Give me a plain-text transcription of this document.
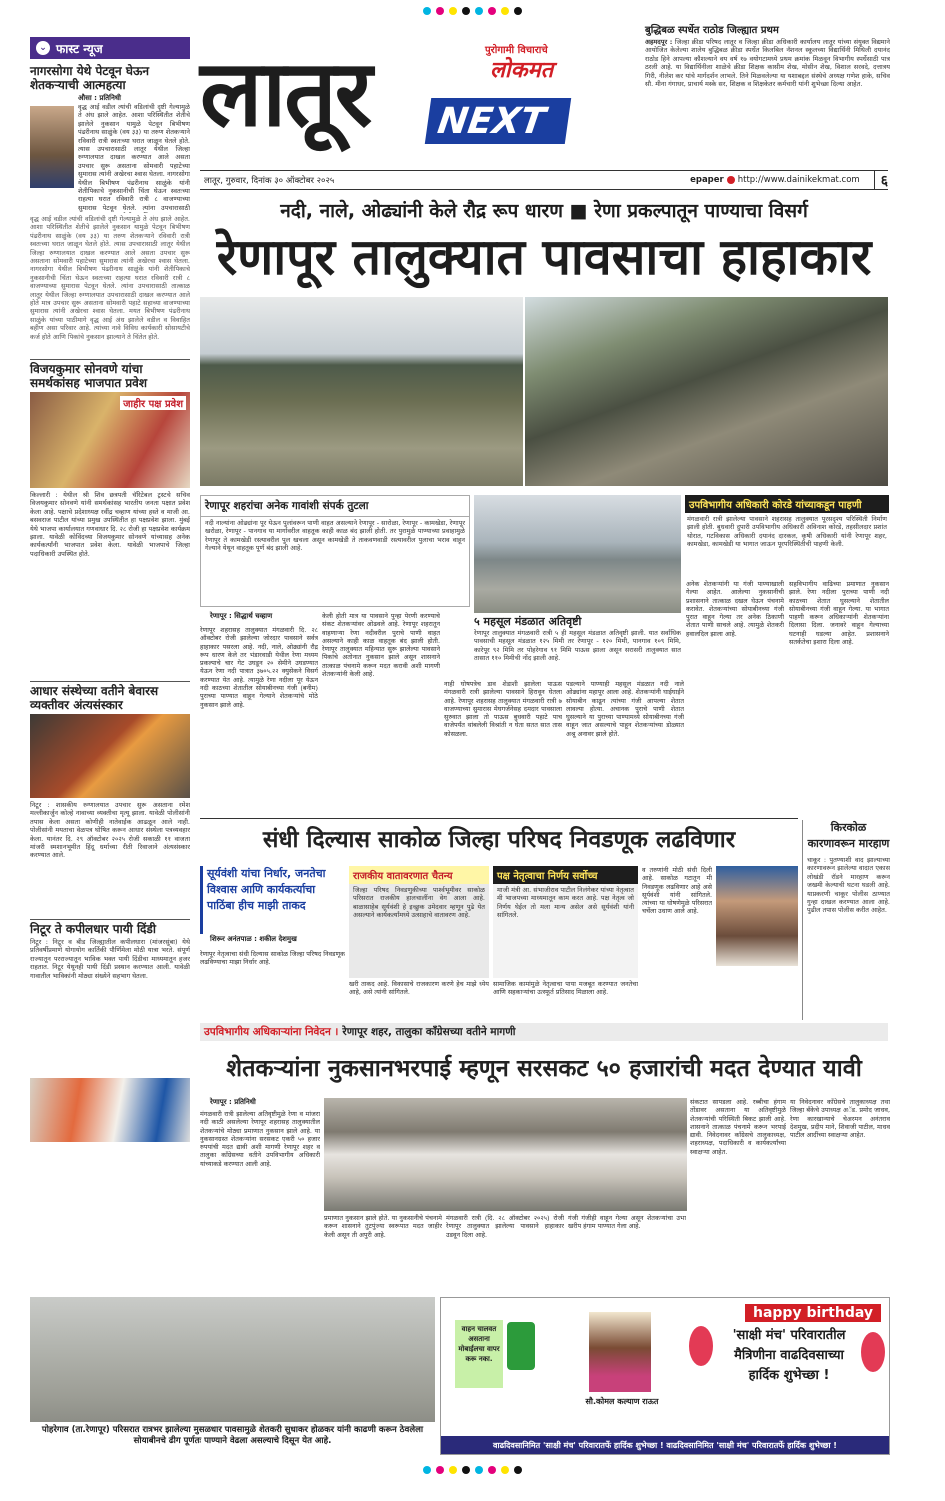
⌄ फास्ट न्यूज
नागरसोगा येथे पेटवून घेऊन शेतकऱ्याची आत्महत्या
औसा : प्रतिनिधी
वृद्ध आई वडील त्यांची वडिलांची दृष्टी गेल्यामुळे ते अंध झाले आहेत. आशा परिस्थितीत शेतीचे झालेले नुकसान यामुळे पेटवून बिभीषण पंढरीनाथ साळुंके (वय ३३) या तरुण शेतकऱ्याने रविवारी रात्री स्वतःच्या घरात जाळून घेतले होते. त्यास उपचारासाठी लातूर येथील जिल्हा रुग्णालयात दाखल करण्यात आले असता उपचार सुरू असताना सोमवारी पहाटेच्या सुमारास त्यांनी अखेरचा श्वास घेतला. नागरसोगा येथील बिभीषण पंढरीनाथ साळुंके यांनी शेतीपिकाचे नुकसानीची चिंता घेऊन स्वतःच्या राहत्या घरात रविवारी रात्री ८ वाजण्याच्या सुमारास पेटवून घेतले. त्यांना उपचारासाठी
वृद्ध आई वडील त्यांची वडिलांची दृष्टी गेल्यामुळे ते अंध झाले आहेत. आशा परिस्थितीत शेतीचे झालेले नुकसान यामुळे पेटवून बिभीषण पंढरीनाथ साळुंके (वय ३३) या तरुण शेतकऱ्याने रविवारी रात्री स्वतःच्या घरात जाळून घेतले होते. त्यास उपचारासाठी लातूर येथील जिल्हा रुग्णालयात दाखल करण्यात आले असता उपचार सुरू असताना सोमवारी पहाटेच्या सुमारास त्यांनी अखेरचा श्वास घेतला. नागरसोगा येथील बिभीषण पंढरीनाथ साळुंके यांनी शेतीपिकाचे नुकसानीची चिंता घेऊन स्वतःच्या राहत्या घरात रविवारी रात्री ८ वाजण्याच्या सुमारास पेटवून घेतले. त्यांना उपचारासाठी तात्काळ लातूर येथील जिल्हा रुग्णालयात उपचारासाठी दाखल करण्यात आले होते मात्र उपचार सुरू असताना सोमवारी पहाटे सहाच्या वाजण्याच्या सुमारास त्यांनी अखेरचा श्वास घेतला. मयत बिभीषण पंढरीनाथ साळुंके यांच्या पाठीमागे वृद्ध आई अंध झालेले वडील व विवाहित बहीण असा परिवार आहे. त्यांच्या नावे विविध कार्यकारी सोसायटीचे कर्ज होते आणि पिकांचे नुकसान झाल्याने ते चिंतेत होते.
विजयकुमार सोनवणे यांचा समर्थकांसह भाजपात प्रवेश
जाहीर पक्ष प्रवेश
किल्लारी : येथील श्री शिव छत्रपती चॅरिटेबल ट्रस्टचे सचिव विजयकुमार सोनवणे यांनी समर्थकांसह भारतीय जनता पक्षात प्रवेश केला आहे. पक्षाचे प्रदेशाध्यक्ष रवींद्र चव्हाण यांच्या हस्ते व माजी आ. बसवराज पाटील यांच्या प्रमुख उपस्थितीत हा पक्षप्रवेश झाला. मुंबई येथे भाजपा कार्यालयात गणवाधार दि. २८ रोजी हा पक्षप्रवेश कार्यक्रम झाला. यावेळी कोविंदच्या विजयकुमार सोनवणे यांच्यासह अनेक कार्यकर्त्यांनी भाजपात प्रवेश केला. यावेळी भाजपाचे जिल्हा पदाधिकारी उपस्थित होते.
आधार संस्थेच्या वतीने बेवारस व्यक्तीवर अंत्यसंस्कार
निटूर : शासकीय रुग्णालयात उपचार सुरू असताना रमेश मल्लीकार्जुन कोल्हे नावाच्या व्यक्तीचा मृत्यू झाला. यावेळी पोलीसांनी तपास केला असता कोणीही नातेवाईक आढळून आले नाही. पोलीसांनी मयताचा वेळपत्र घोषित करून आधार संस्थेला पत्रव्यवहार केला. यानंतर दि. २९ ऑक्टोबर २०२५ रोजी सकाळी ११ वाजता मांजरी स्मशानभूमीत हिंदू धर्माच्या रीती रिवाजाने अंत्यसंस्कार करण्यात आले.
निटूर ते कपीलधार पायी दिंडी
निटूर : निटूर व बीड जिल्ह्यातील कपीलधारा (मांजरसुंबा) येथे प्रतिवर्षीप्रमाणे योगायोग कार्तिकी पौर्णिमेला मोठी यात्रा भरते. संपूर्ण राज्यातून परराज्यातून भाविक भक्त पायी दिंडीचा माध्यमातून हजर राहतात. निटूर येथूनही पायी दिंडी प्रस्थान करण्यात आली. यावेळी गावातील भाविकांनी मोठ्या संख्येने सहभाग घेतला.
लातूर	पुरोगामी विचाराचे
लोकमत
NEXT
लातूर, गुरुवार, दिनांक ३० ऑक्टोबर २०२५	epaper http://www.dainikekmat.com	६
बुद्धिबळ स्पर्धेत राठोड जिल्ह्यात प्रथम
अहमदपूर : जिल्हा क्रीडा परिषद लातूर व जिल्हा क्रीडा अधिकारी कार्यालय लातूर यांच्या संयुक्त विद्यमाने आयोजित केलेल्या शालेय बुद्धिबळ क्रीडा स्पर्धेत किलबिल नॅशनल स्कूलच्या विद्यार्थिनी मिथिली दयानंद राठोड हिने आपल्या कौशल्याने वय वर्ष १७ वयोगटामध्ये प्रथम क्रमांक मिळवून विभागीय स्पर्धेसाठी पात्र ठरली आहे. या विद्यार्थिनीला शाळेचे क्रीडा शिक्षक कासीम शेख, मोसीन शेख, विशाल सरवदे, दत्तात्रय गिरी, नीलेश कर यांचे मार्गदर्शन लाभले. तिने मिळवलेल्या या यशाबद्दल संस्थेचे अध्यक्ष गणेश हाके, सचिव सौ. मीना गंगाधर, प्राचार्य मस्के सर, शिक्षक व शिक्षकेतर कर्मचारी यांनी शुभेच्छा दिल्या आहेत.
नदी, नाले, ओढ्यांनी केले रौद्र रूप धारण ■ रेणा प्रकल्पातून पाण्याचा विसर्ग
रेणापूर तालुक्यात पावसाचा हाहाकार
रेणापूर शहरांचा अनेक गावांशी संपर्क तुटला
नदी नाल्यांना ओढ्यांना पूर येऊन पुलांवरून पाणी वाहत असल्याने रेणापूर - सारोळा, रेणापूर - कामखेडा, रेणापूर खरोळा, रेणापूर - पानगाव या मार्गावरील वाहतूक काही काळ बंद झाली होती. तर पुरामुळे पाण्याच्या प्रवाहामुळे रेणापूर ते कामखेडी रस्त्यावरील पुल खचला असून कामखेडी ते ताकवणवाडी रस्त्यावरील पुलाचा भराव वाहून गेल्याने येथून वाहतूक पूर्ण बंद झाली आहे.
५ महसूल मंडळात अतिवृष्टी
रेणापूर तालुक्यात मंगळवारी रात्री ५ ही महसूल मंडळात अतिवृष्टी झाली. यात सर्वाधिक पावसाची महसूल मंडळात १२५ मिमी तर रेणापूर - १२० मिमी, पानगाव १०९ मिमि, कारेपूर ९२ मिमि तर पोहरेगाव ९१ मिमि पाऊस झाला असून सरासरी तालुक्यात सात तासात ११० मिमीची नोंद झाली आहे.
रेणापूर : सिद्धार्थ चव्हाण
रेणापूर शहरासह तालुक्यात मंगळवारी दि. २८ ऑक्टोबर रोजी झालेल्या जोरदार पावसाने सर्वत्र हाहाकार पसरला आहे. नदी, नाले, ओढ्यांनी रौद्र रूप धारण केले तर भंडारवाडी येथील रेणा मध्यम प्रकल्पाचे चार गेट उघडून २० सेमीने उघडण्यात येऊन रेणा नदी पात्रात ३७०५.२२ क्युसेकने विसर्ग करण्यात येत आहे. त्यामुळे रेणा नदीला पूर येऊन नदी काठच्या शेतातील सोयाबीनच्या गंजी (बनीम) पुराच्या पाण्यात वाहून गेल्याने शेतकऱ्यांचे मोठे नुकसान झाले आहे.
केली होती मात्र या पावसाने पुन्हा पेरणी करण्याचे संकट शेतकऱ्यांवर ओढवले आहे. रेणापूर शहरातून वाहणाऱ्या रेणा नदीवरील पुराचे पाणी वाहत असल्याने काही काळ वाहतूक बंद झाली होती. रेणापूर तालुक्यात महिन्यात सुरू झालेल्या पावसाने पिकांचे अतोनात नुकसान झाले असून शासनाने तात्काळ पंचनामे करून मदत करावी अशी मागणी शेतकऱ्यांनी केली आहे.
नाही घोषपत्रेच डाव शेडाशी झालेला पाऊस मंगळवारी रात्री झालेल्या पावसाने हिरावून घेतला आहे. रेणापूर शहरासह तालुक्यात मंगळवारी रात्री ७ वाजण्याच्या सुमारास मेघगर्जनेसह दमदार पावसाला सुरुवात झाला तो पाऊस बुधवारी पहाटे पाच वाजेपर्यंत थांबलेली विश्रांती न घेता सतत सात तास कोसळला.
पडल्याने पाण्याही महसूल मंडळात नदी नाले ओढ्यांना महापूर आला आहे. शेतकऱ्यांनी घाईघाईने सोयाबीन काढून त्यांच्या गंजी आपल्या शेतात लावल्या होत्या. अचानक पुराचे पाणी शेतात घुसल्याने या पुराच्या पाण्यामध्ये सोयाबीनच्या गंजी वाहून जात असल्याचे पाहून शेतकऱ्यांच्या डोळ्यात अश्रू अनावर झाले होते.
उपविभागीय अधिकारी कोरडे यांच्याकडून पाहणी
मंगळवारी रात्री झालेल्या पावसाने शहरासह तालुक्यात पूरसदृश्य परिस्थिती निर्माण झाली होती. बुधवारी दुपारी उपविभागीय अधिकारी अविनाश कोरडे, तहसीलदार प्रशांत थोरात, गटविकास अधिकारी दयानंद दारकल, कृषी अधिकारी यांनी रेणापूर शहर, कामखेडा, कामखेडी या भागात जाऊन पूरपरिस्थितीची पाहणी केली.
अनेक शेतकऱ्यांनी या गंजी पाण्याखाली गेल्या आहेत. आलेल्या नुकसानीची प्रशासनाने तात्काळ दखल घेऊन पंचनामे करावेत. शेतकऱ्यांच्या सोयाबीनच्या गंजी पुरात वाहून गेल्या तर अनेक ठिकाणी शेतात पाणी साचले आहे. त्यामुळे शेतकरी हवालदिल झाला आहे.
सहविभागीय वाढिच्या प्रमाणात नुकसान झाले. रेणा नदीला पुराच्या पाणी नदी काठच्या शेतात घुसल्याने शेतातील सोयाबीनच्या गंजी वाहून गेल्या. या भागात पाहणी करून अधिकाऱ्यांनी शेतकऱ्यांना दिलासा दिला. जनावरे वाहून गेल्याच्या घटनाही घडल्या आहेत. प्रशासनाने सतर्कतेचा इशारा दिला आहे.
संधी दिल्यास साकोळ जिल्हा परिषद निवडणूक लढविणार
सूर्यवंशी यांचा निर्धार, जनतेचा विश्वास आणि कार्यकर्त्याचा पाठिंबा हीच माझी ताकद
शिरूर अनंतपाळ : शकील देशमुख
राजकीय वातावरणात चैतन्य
जिल्हा परिषद निवडणुकीच्या पार्श्वभूमीवर साकोळ परिसरात राजकीय हालचालींना वेग आला आहे. बाळासाहेब सूर्यवंशी हे इच्छुक उमेदवार म्हणून पुढे येत असल्याने कार्यकर्त्यांमध्ये उत्साहाचे वातावरण आहे.
पक्ष नेतृत्वाचा निर्णय सर्वोच्च
माजी मंत्री आ. संभाजीराव पाटील निलंगेकर यांच्या नेतृत्वात मी भाजपच्या माध्यमातून काम करत आहे. पक्ष नेतृत्व जो निर्णय घेईल तो मला मान्य असेल असे सूर्यवंशी यांनी सांगितले.
रेणापूर नेतृत्वाचा संधी दिल्यास साकोळ जिल्हा परिषद निवडणूक लढविण्याचा माझा निर्धार आहे.
खरी ताकद आहे. विकासाचे राजकारण करणे हेच माझे ध्येय आहे, असे त्यांनी सांगितले.
सामाजिक कामांमुळे नेतृत्वाचा पाया मजबूत करण्यात जनतेचा आणि सहकाऱ्यांचा उत्स्फूर्त प्रतिसाद मिळाला आहे.
व तरुणांनी मोठी संधी दिली आहे. साकोळ गटातून मी निवडणूक लढविणार आहे असे सूर्यवंशी यांनी सांगितले. त्यांच्या या घोषणेमुळे परिसरात चर्चेला उधाण आले आहे.
किरकोळ कारणावरून मारहाण
चाकूर : पुतण्याशी वाद झाल्याच्या कारणावरून झालेल्या वादात एकास लोखंडी रॉडने मारहाण करून जखमी केल्याची घटना घडली आहे. याप्रकरणी चाकूर पोलीस ठाण्यात गुन्हा दाखल करण्यात आला आहे. पुढील तपास पोलीस करीत आहेत.
उपविभागीय अधिकाऱ्यांना निवेदन । रेणापूर शहर, तालुका काँग्रेसच्या वतीने मागणी
शेतकऱ्यांना नुकसानभरपाई म्हणून सरसकट ५० हजारांची मदत देण्यात यावी
रेणापूर : प्रतिनिधी
मंगळवारी रात्री झालेल्या अतिवृष्टीमुळे रेणा व मांजरा नदी काठी असलेल्या रेणापूर शहरासह तालुक्यातील शेतकऱ्यांचे मोठ्या प्रमाणात नुकसान झाले आहे. या नुकसानग्रस्त शेतकऱ्यांना सरसकट एकरी ५० हजार रुपयांची मदत द्यावी अशी मागणी रेणापूर शहर व तालुका काँग्रेसच्या वतीने उपविभागीय अधिकारी यांच्याकडे करण्यात आली आहे.
प्रमाणात नुकसान झाले होते. या नुकसानीचे पंचनामे करून शासनाने तुटपुंज्या स्वरूपात मदत जाहीर केली असून ती अपुरी आहे.
मंगळवारी रात्री (दि. २८ ऑक्टोबर २०२५) रोजी रेणापूर तालुक्यात झालेल्या पावसाने हाहाकार उडवून दिला आहे.
गंजी गंजीही वाहून गेल्या असून शेतकऱ्यांचा उभा खरीप हंगाम पाण्यात गेला आहे.
संकटात सापडला आहे. रब्बीचा हंगाम तोंडावर असताना या अतिवृष्टीमुळे शेतकऱ्यांची परिस्थिती बिकट झाली आहे. शासनाने तात्काळ पंचनामे करून भरपाई द्यावी. निवेदनावर काँग्रेसचे तालुकाध्यक्ष, शहराध्यक्ष, पदाधिकारी व कार्यकर्त्यांच्या स्वाक्षऱ्या आहेत.
या निवेदनावर काँग्रेसचे तालुकाध्यक्ष तथा जिल्हा बँकेचे उपाध्यक्ष अॅड. प्रमोद जाधव, रेणा कारखान्याचे चेअरमन अनंतराव देशमुख, प्रदीप माने, शिवाजी पाटील, माधव पाटील आदींच्या स्वाक्षऱ्या आहेत.
पोहरेगाव (ता.रेणापूर) परिसरात रात्रभर झालेल्या मुसळधार पावसामुळे शेतकरी सुधाकर होळकर यांनी काढणी करून ठेवलेला सोयाबीनचे ढीग पूर्णतः पाण्याने वेढला असल्याचे दिसून येत आहे.
happy birthday
वाहन चालवत असताना मोबाईलचा वापर करू नका.
सौ.कोमल कल्याण राऊत
'साक्षी मंच' परिवारातील मैत्रिणीना वाढदिवसाच्या हार्दिक शुभेच्छा !
वाढदिवसानिमित 'साक्षी मंच' परिवारातर्फे हार्दिक शुभेच्छा ! वाढदिवसानिमित 'साक्षी मंच' परिवारातर्फे हार्दिक शुभेच्छा !
